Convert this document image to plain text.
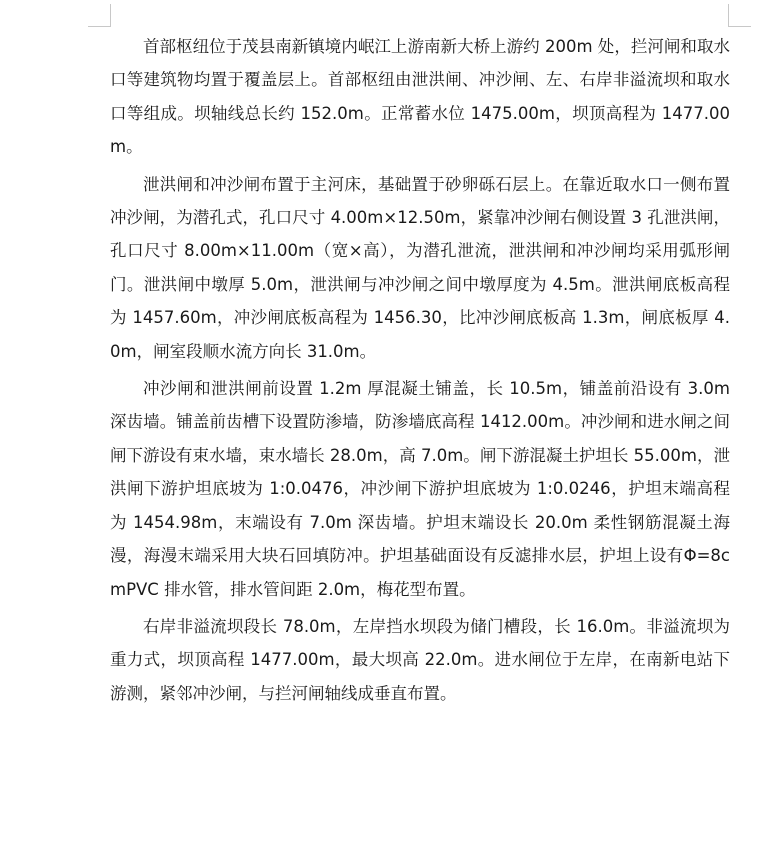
首部枢纽位于茂县南新镇境内岷江上游南新大桥上游约 200m 处，拦河闸和取水口等建筑物均置于覆盖层上。首部枢纽由泄洪闸、冲沙闸、左、右岸非溢流坝和取水口等组成。坝轴线总长约 152.0m。正常蓄水位 1475.00m，坝顶高程为 1477.00m。

泄洪闸和冲沙闸布置于主河床，基础置于砂卵砾石层上。在靠近取水口一侧布置冲沙闸，为潜孔式，孔口尺寸 4.00m×12.50m，紧靠冲沙闸右侧设置 3 孔泄洪闸，孔口尺寸 8.00m×11.00m（宽×高），为潜孔泄流，泄洪闸和冲沙闸均采用弧形闸门。泄洪闸中墩厚 5.0m，泄洪闸与冲沙闸之间中墩厚度为 4.5m。泄洪闸底板高程为 1457.60m，冲沙闸底板高程为 1456.30，比冲沙闸底板高 1.3m，闸底板厚 4.0m，闸室段顺水流方向长 31.0m。

冲沙闸和泄洪闸前设置 1.2m 厚混凝土铺盖，长 10.5m，铺盖前沿设有 3.0m 深齿墙。铺盖前齿槽下设置防渗墙，防渗墙底高程 1412.00m。冲沙闸和进水闸之间闸下游设有束水墙，束水墙长 28.0m，高 7.0m。闸下游混凝土护坦长 55.00m，泄洪闸下游护坦底坡为 1:0.0476，冲沙闸下游护坦底坡为 1:0.0246，护坦末端高程为 1454.98m，末端设有 7.0m 深齿墙。护坦末端设长 20.0m 柔性钢筋混凝土海漫，海漫末端采用大块石回填防冲。护坦基础面设有反滤排水层，护坦上设有Φ=8cmPVC 排水管，排水管间距 2.0m，梅花型布置。

右岸非溢流坝段长 78.0m，左岸挡水坝段为储门槽段，长 16.0m。非溢流坝为重力式，坝顶高程 1477.00m，最大坝高 22.0m。进水闸位于左岸，在南新电站下游测，紧邻冲沙闸，与拦河闸轴线成垂直布置。
